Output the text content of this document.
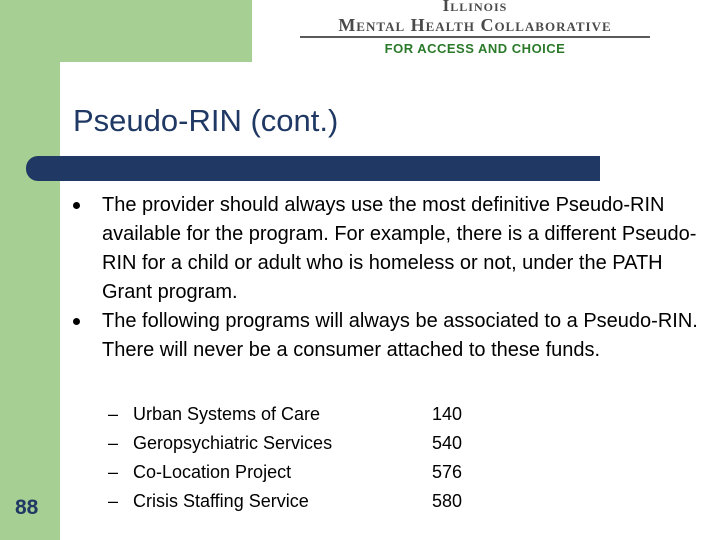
Illinois
Mental Health Collaborative
FOR ACCESS AND CHOICE
Pseudo-RIN (cont.)
The provider should always use the most definitive Pseudo-RIN available for the program. For example, there is a different Pseudo-RIN for a child or adult who is homeless or not, under the PATH Grant program.
The following programs will always be associated to a Pseudo-RIN. There will never be a consumer attached to these funds.
– Urban Systems of Care	140
– Geropsychiatric Services	540
– Co-Location Project	576
– Crisis Staffing Service	580
88
